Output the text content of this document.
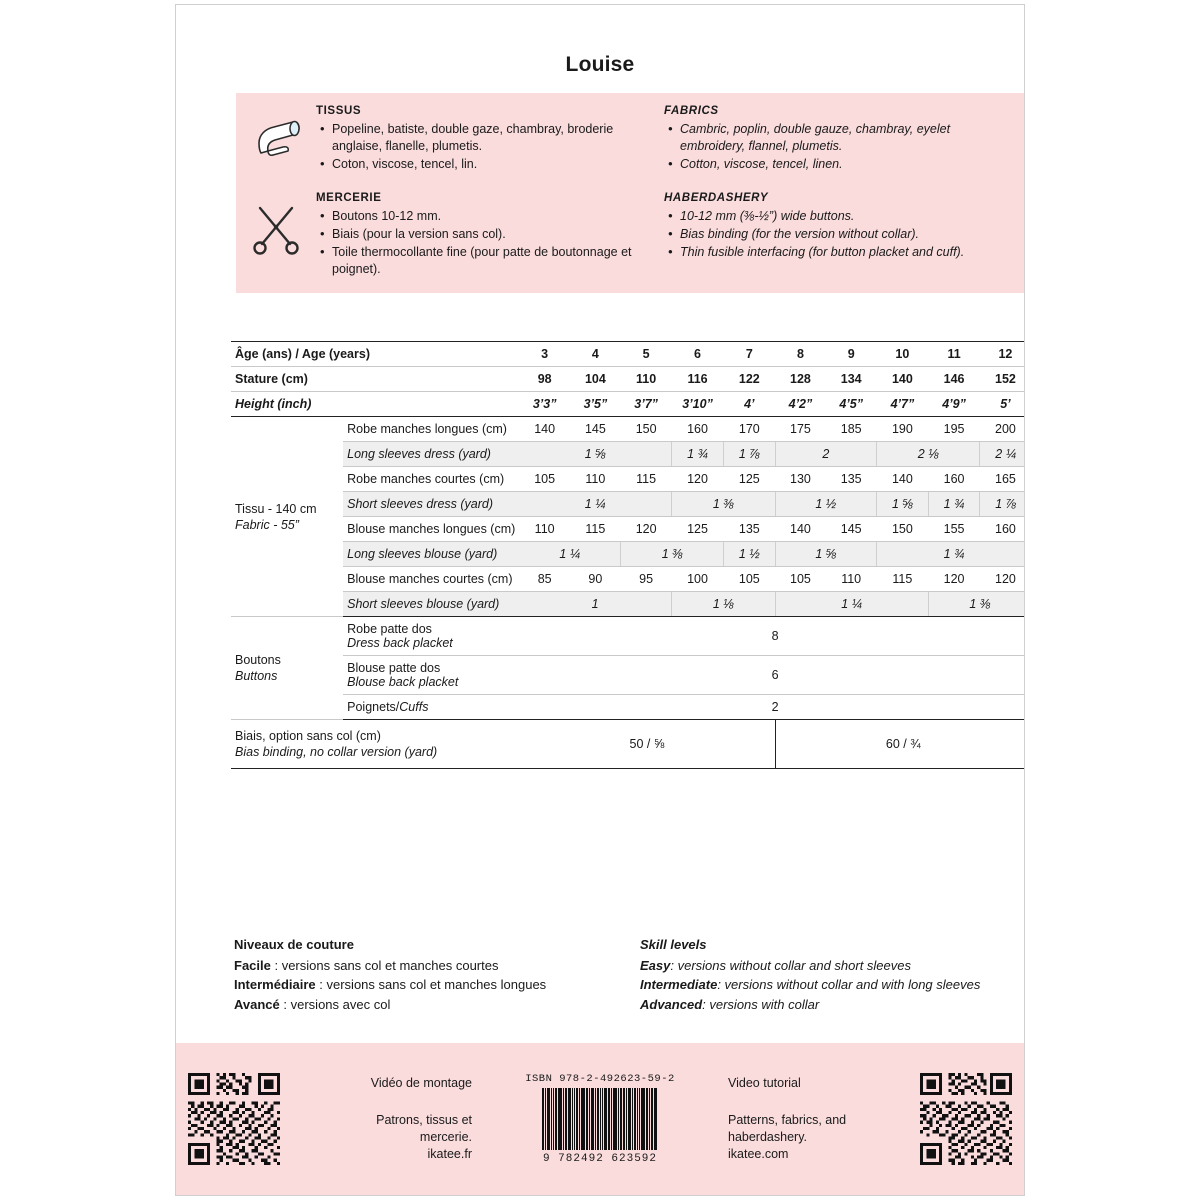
Louise
TISSUS
• Popeline, batiste, double gaze, chambray, broderie anglaise, flanelle, plumetis.
• Coton, viscose, tencel, lin.
FABRICS
• Cambric, poplin, double gauze, chambray, eyelet embroidery, flannel, plumetis.
• Cotton, viscose, tencel, linen.
MERCERIE
• Boutons 10-12 mm.
• Biais (pour la version sans col).
• Toile thermocollante fine (pour patte de boutonnage et poignet).
HABERDASHERY
• 10-12 mm (⅜-½”) wide buttons.
• Bias binding (for the version without collar).
• Thin fusible interfacing (for button placket and cuff).
Âge (ans) / Age (years)		3	4	5	6	7	8	9	10	11	12
Stature (cm)		98	104	110	116	122	128	134	140	146	152
Height (inch)		3’3”	3’5”	3’7”	3’10”	4’	4’2”	4’5”	4’7”	4’9”	5’
Tissu - 140 cm
Fabric - 55”	Robe manches longues (cm)	140	145	150	160	170	175	185	190	195	200
	Long sleeves dress (yard)	1 ⅝			1 ¾	1 ⅞	2		2 ⅛		2 ¼
	Robe manches courtes (cm)	105	110	115	120	125	130	135	140	160	165
	Short sleeves dress (yard)	1 ¼			1 ⅜		1 ½		1 ⅝	1 ¾	1 ⅞
	Blouse manches longues (cm)	110	115	120	125	135	140	145	150	155	160
	Long sleeves blouse (yard)	1 ¼		1 ⅜		1 ½	1 ⅝		1 ¾		
	Blouse manches courtes (cm)	85	90	95	100	105	105	110	115	120	120
	Short sleeves blouse (yard)	1			1 ⅛		1 ¼			1 ⅜	
Boutons
Buttons	Robe patte dos
Dress back placket	8									
	Blouse patte dos
Blouse back placket	6									
	Poignets/Cuffs	2									
Biais, option sans col (cm)
Bias binding, no collar version (yard)		50 / ⅝					60 / ¾				
Niveaux de couture
Facile : versions sans col et manches courtes
Intermédiaire : versions sans col et manches longues
Avancé : versions avec col
Skill levels
Easy: versions without collar and short sleeves
Intermediate: versions without collar and with long sleeves
Advanced: versions with collar
Vidéo de montage
Patrons, tissus et
mercerie.
ikatee.fr
ISBN 978-2-492623-59-2
9 782492 623592
Video tutorial
Patterns, fabrics, and
haberdashery.
ikatee.com
